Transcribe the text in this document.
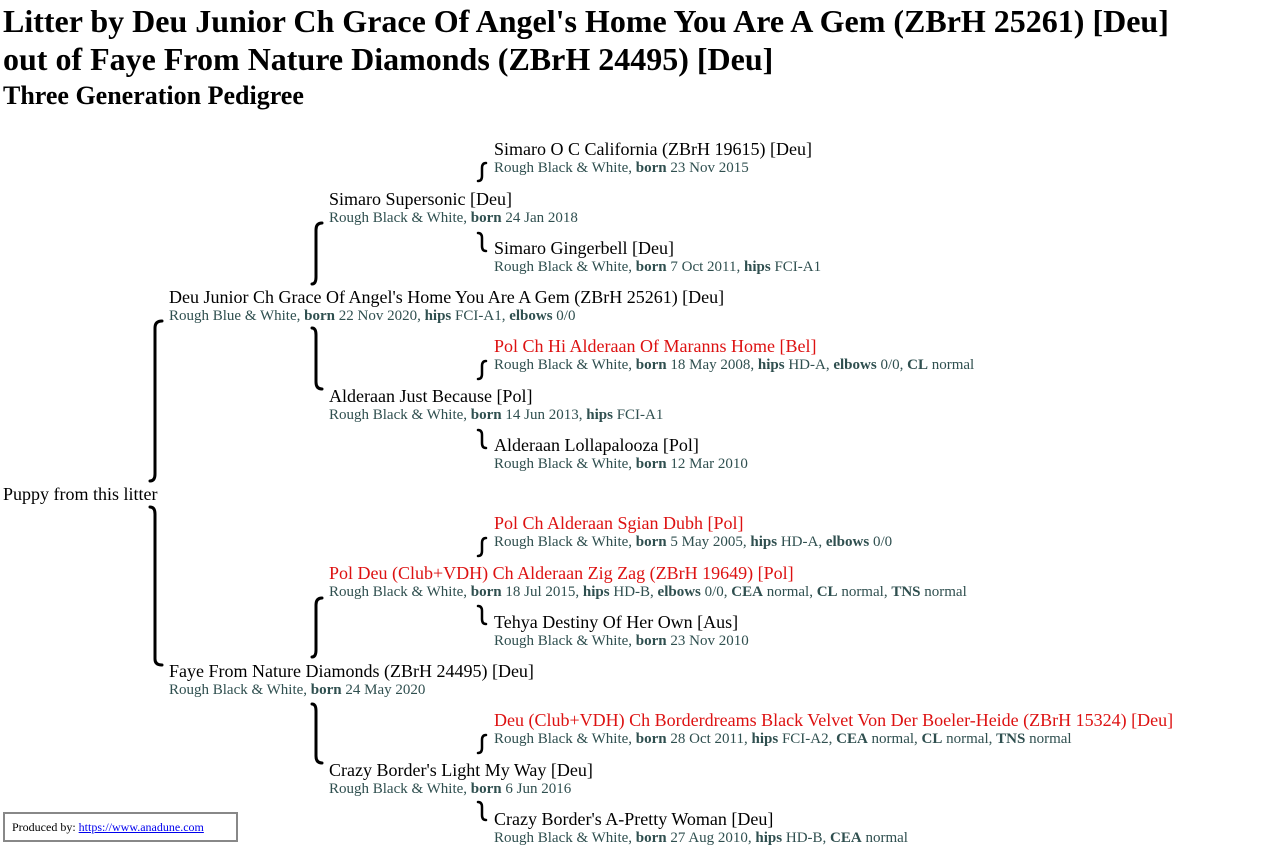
Litter by Deu Junior Ch Grace Of Angel's Home You Are A Gem (ZBrH 25261) [Deu]
out of Faye From Nature Diamonds (ZBrH 24495) [Deu]
Three Generation Pedigree
Puppy from this litter
Simaro O C California (ZBrH 19615) [Deu]
Rough Black & White, born 23 Nov 2015
Simaro Supersonic [Deu]
Rough Black & White, born 24 Jan 2018
Simaro Gingerbell [Deu]
Rough Black & White, born 7 Oct 2011, hips FCI-A1
Deu Junior Ch Grace Of Angel's Home You Are A Gem (ZBrH 25261) [Deu]
Rough Blue & White, born 22 Nov 2020, hips FCI-A1, elbows 0/0
Pol Ch Hi Alderaan Of Maranns Home [Bel]
Rough Black & White, born 18 May 2008, hips HD-A, elbows 0/0, CL normal
Alderaan Just Because [Pol]
Rough Black & White, born 14 Jun 2013, hips FCI-A1
Alderaan Lollapalooza [Pol]
Rough Black & White, born 12 Mar 2010
Pol Ch Alderaan Sgian Dubh [Pol]
Rough Black & White, born 5 May 2005, hips HD-A, elbows 0/0
Pol Deu (Club+VDH) Ch Alderaan Zig Zag (ZBrH 19649) [Pol]
Rough Black & White, born 18 Jul 2015, hips HD-B, elbows 0/0, CEA normal, CL normal, TNS normal
Tehya Destiny Of Her Own [Aus]
Rough Black & White, born 23 Nov 2010
Faye From Nature Diamonds (ZBrH 24495) [Deu]
Rough Black & White, born 24 May 2020
Deu (Club+VDH) Ch Borderdreams Black Velvet Von Der Boeler-Heide (ZBrH 15324) [Deu]
Rough Black & White, born 28 Oct 2011, hips FCI-A2, CEA normal, CL normal, TNS normal
Crazy Border's Light My Way [Deu]
Rough Black & White, born 6 Jun 2016
Crazy Border's A-Pretty Woman [Deu]
Rough Black & White, born 27 Aug 2010, hips HD-B, CEA normal
Produced by: https://www.anadune.com
